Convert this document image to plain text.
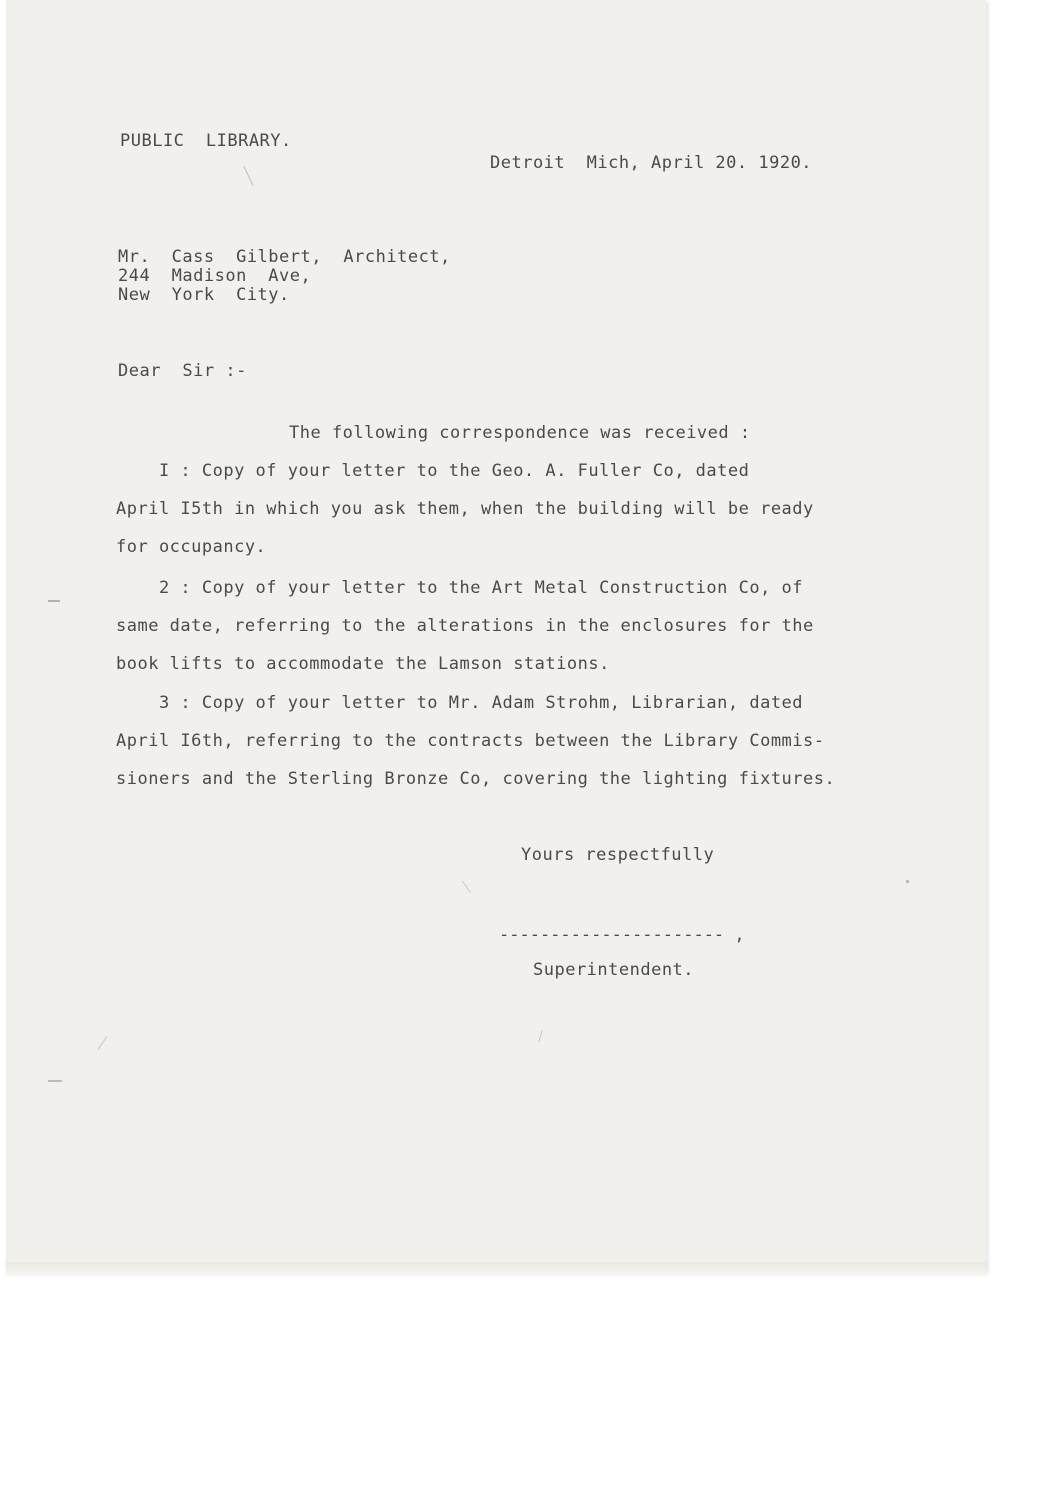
PUBLIC  LIBRARY.
Detroit  Mich, April 20. 1920.
Mr.  Cass  Gilbert,  Architect,
244  Madison  Ave,
New  York  City.
Dear  Sir :-
The following correspondence was received :
I : Copy of your letter to the Geo. A. Fuller Co, dated
April I5th in which you ask them, when the building will be ready
for occupancy.
2 : Copy of your letter to the Art Metal Construction Co, of
same date, referring to the alterations in the enclosures for the
book lifts to accommodate the Lamson stations.
3 : Copy of your letter to Mr. Adam Strohm, Librarian, dated
April I6th, referring to the contracts between the Library Commis-
sioners and the Sterling Bronze Co, covering the lighting fixtures.
Yours respectfully
---------------------- ,
Superintendent.
